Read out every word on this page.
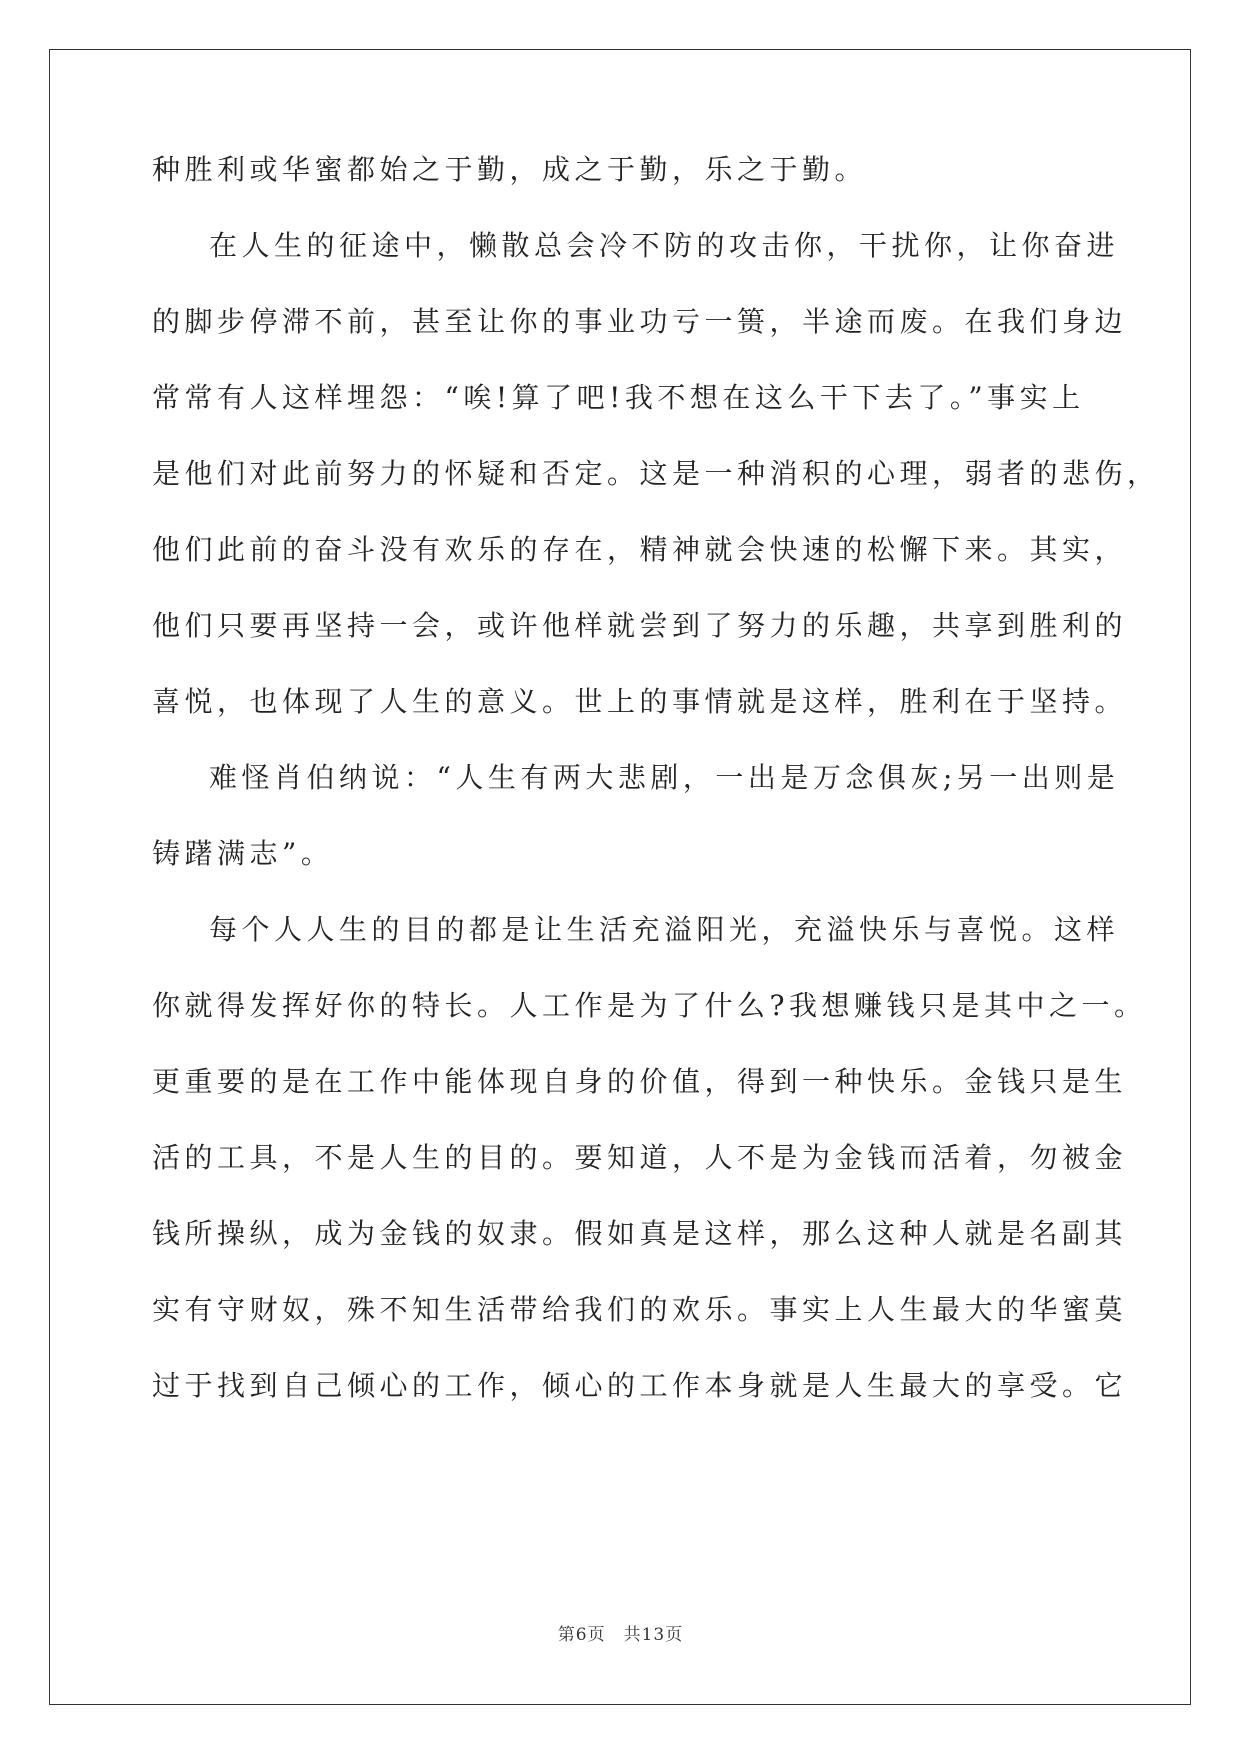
种胜利或华蜜都始之于勤，成之于勤，乐之于勤。
在人生的征途中，懒散总会冷不防的攻击你，干扰你，让你奋进
的脚步停滞不前，甚至让你的事业功亏一篑，半途而废。在我们身边
常常有人这样埋怨：“唉!算了吧!我不想在这么干下去了。”事实上
是他们对此前努力的怀疑和否定。这是一种消积的心理，弱者的悲伤，
他们此前的奋斗没有欢乐的存在，精神就会快速的松懈下来。其实，
他们只要再坚持一会，或许他样就尝到了努力的乐趣，共享到胜利的
喜悦，也体现了人生的意义。世上的事情就是这样，胜利在于坚持。
难怪肖伯纳说：“人生有两大悲剧，一出是万念俱灰;另一出则是
铸躇满志”。
每个人人生的目的都是让生活充溢阳光，充溢快乐与喜悦。这样
你就得发挥好你的特长。人工作是为了什么?我想赚钱只是其中之一。
更重要的是在工作中能体现自身的价值，得到一种快乐。金钱只是生
活的工具，不是人生的目的。要知道，人不是为金钱而活着，勿被金
钱所操纵，成为金钱的奴隶。假如真是这样，那么这种人就是名副其
实有守财奴，殊不知生活带给我们的欢乐。事实上人生最大的华蜜莫
过于找到自己倾心的工作，倾心的工作本身就是人生最大的享受。它
第6页　共13页
